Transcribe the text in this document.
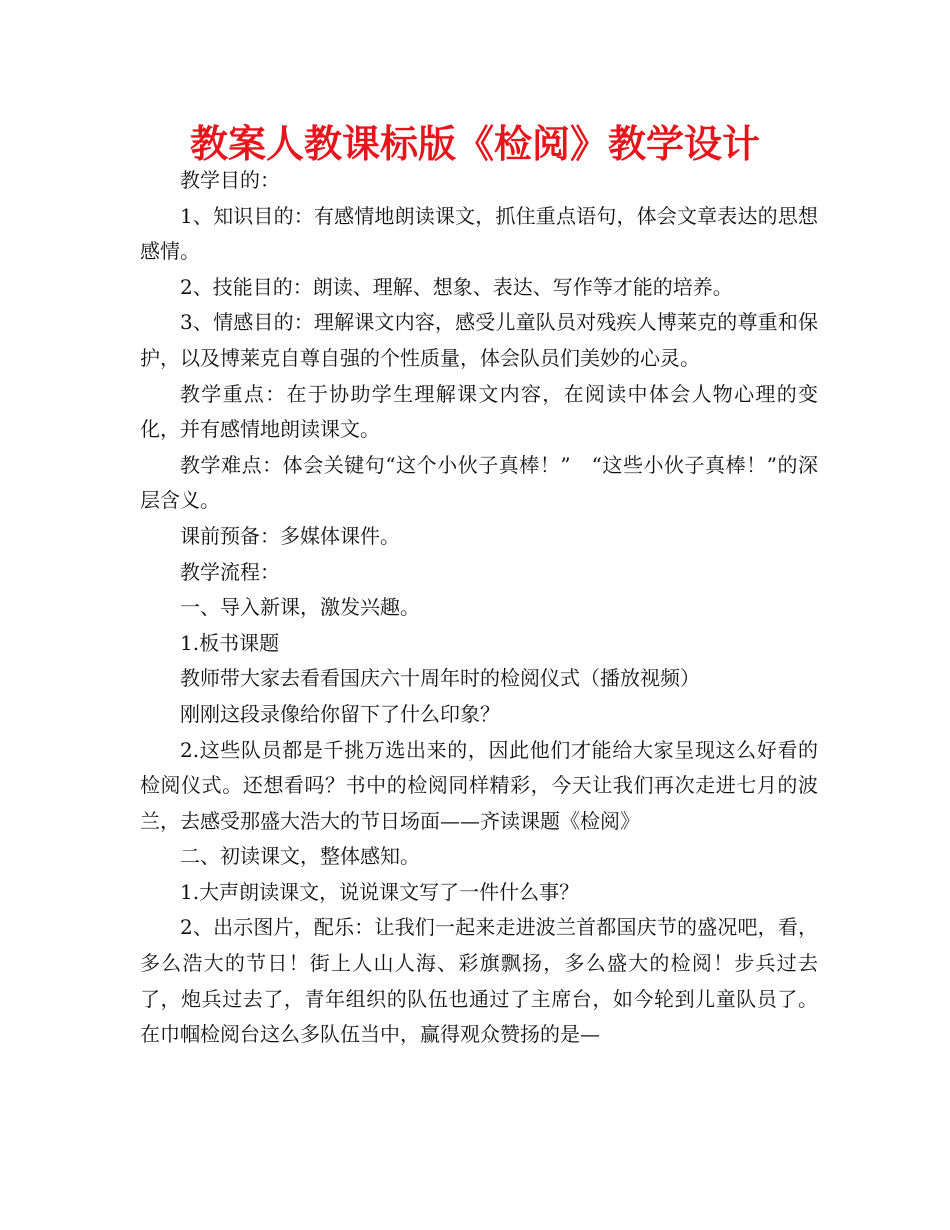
教案人教课标版《检阅》教学设计

教学目的：

1、知识目的：有感情地朗读课文，抓住重点语句，体会文章表达的思想感情。

2、技能目的：朗读、理解、想象、表达、写作等才能的培养。

3、情感目的：理解课文内容，感受儿童队员对残疾人博莱克的尊重和保护，以及博莱克自尊自强的个性质量，体会队员们美妙的心灵。

教学重点：在于协助学生理解课文内容，在阅读中体会人物心理的变化，并有感情地朗读课文。

教学难点：体会关键句“这个小伙子真棒！”　“这些小伙子真棒！”的深层含义。

课前预备：多媒体课件。

教学流程：

一、导入新课，激发兴趣。

1.板书课题

教师带大家去看看国庆六十周年时的检阅仪式（播放视频）

刚刚这段录像给你留下了什么印象？

2.这些队员都是千挑万选出来的，因此他们才能给大家呈现这么好看的检阅仪式。还想看吗？书中的检阅同样精彩，今天让我们再次走进七月的波兰，去感受那盛大浩大的节日场面——齐读课题《检阅》

二、初读课文，整体感知。

1.大声朗读课文，说说课文写了一件什么事？

2、出示图片，配乐：让我们一起来走进波兰首都国庆节的盛况吧，看，多么浩大的节日！街上人山人海、彩旗飘扬，多么盛大的检阅！步兵过去了，炮兵过去了，青年组织的队伍也通过了主席台，如今轮到儿童队员了。在巾帼检阅台这么多队伍当中，赢得观众赞扬的是—
